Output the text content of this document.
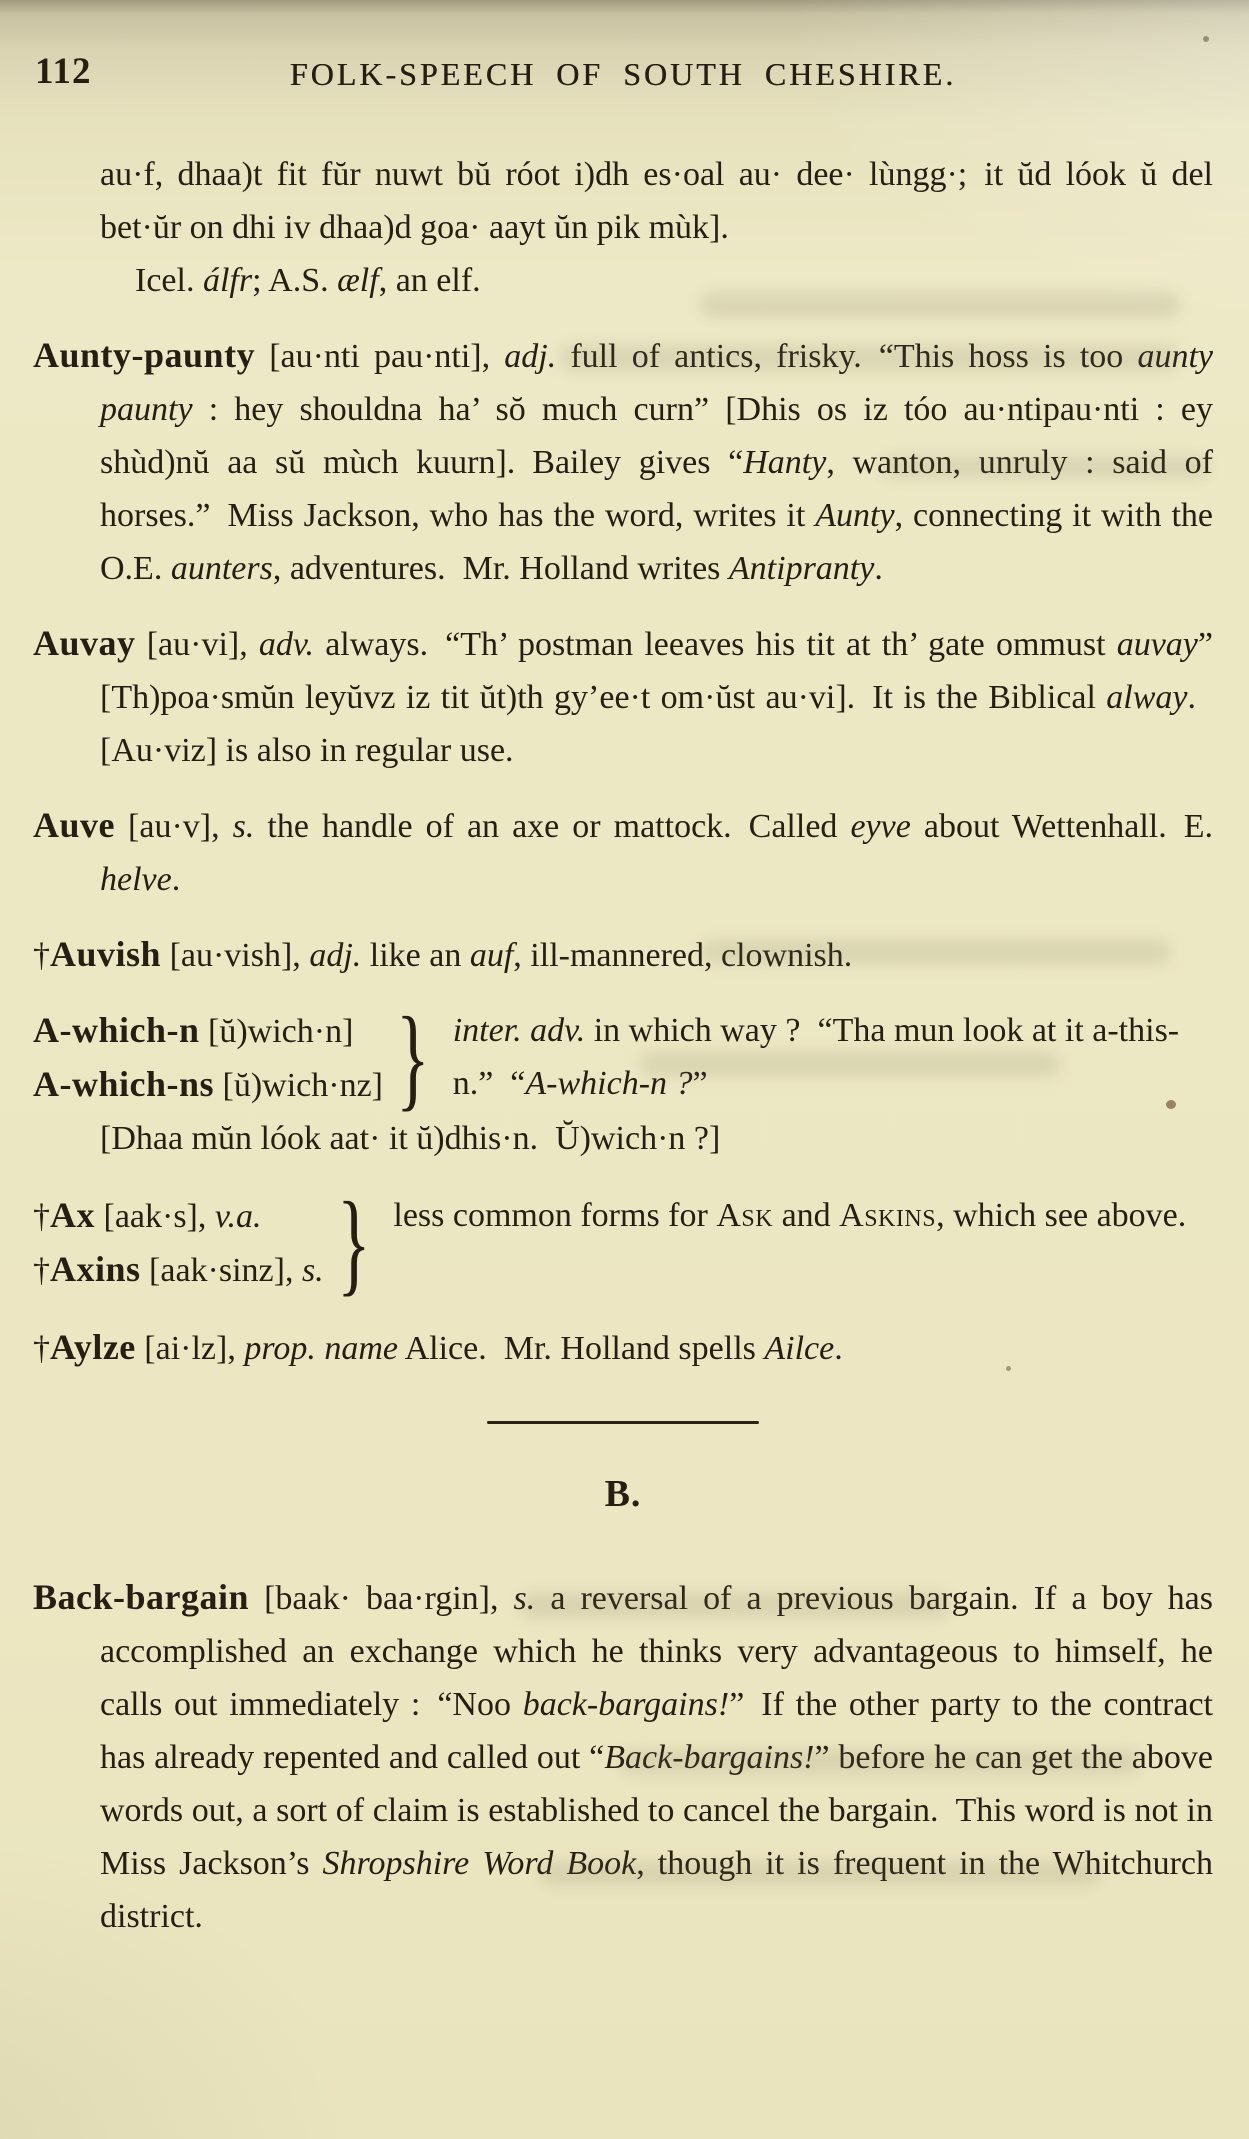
112	FOLK-SPEECH OF SOUTH CHESHIRE.

au·f, dhaa)t fit fŭr nuwt bŭ róot i)dh es·oal au· dee· lùngg·; it ŭd lóok ŭ del bet·ŭr on dhi iv dhaa)d goa· aayt ŭn pik mùk].

Icel. álfr; A.S. ælf, an elf.

Aunty-paunty [au·nti pau·nti], adj. full of antics, frisky. “This hoss is too aunty paunty : hey shouldna ha’ sŏ much curn” [Dhis os iz tóo au·ntipau·nti : ey shùd)nŭ aa sŭ mùch kuurn]. Bailey gives “Hanty, wanton, unruly : said of horses.” Miss Jackson, who has the word, writes it Aunty, connecting it with the O.E. aunters, adventures. Mr. Holland writes Antipranty.

Auvay [au·vi], adv. always. “Th’ postman leeaves his tit at th’ gate ommust auvay” [Th)poa·smŭn leyŭvz iz tit ŭt)th gy’ee·t om·ŭst au·vi]. It is the Biblical alway. [Au·viz] is also in regular use.

Auve [au·v], s. the handle of an axe or mattock. Called eyve about Wettenhall. E. helve.

†Auvish [au·vish], adj. like an auf, ill-mannered, clownish.

A-which-n [ŭ)wich·n]
A-which-ns [ŭ)wich·nz] } inter. adv. in which way ? “Tha mun look at it a-this-n.” “A-which-n ?”

[Dhaa mŭn lóok aat· it ŭ)dhis·n. Ŭ)wich·n ?]

†Ax [aak·s], v.a.
†Axins [aak·sinz], s. } less common forms for Ask and Askins, which see above.

†Aylze [ai·lz], prop. name Alice. Mr. Holland spells Ailce.

B.

Back-bargain [baak· baa·rgin], s. a reversal of a previous bargain. If a boy has accomplished an exchange which he thinks very advantageous to himself, he calls out immediately : “Noo back-bargains!” If the other party to the contract has already repented and called out “Back-bargains!” before he can get the above words out, a sort of claim is established to cancel the bargain. This word is not in Miss Jackson’s Shropshire Word Book, though it is frequent in the Whitchurch district.
